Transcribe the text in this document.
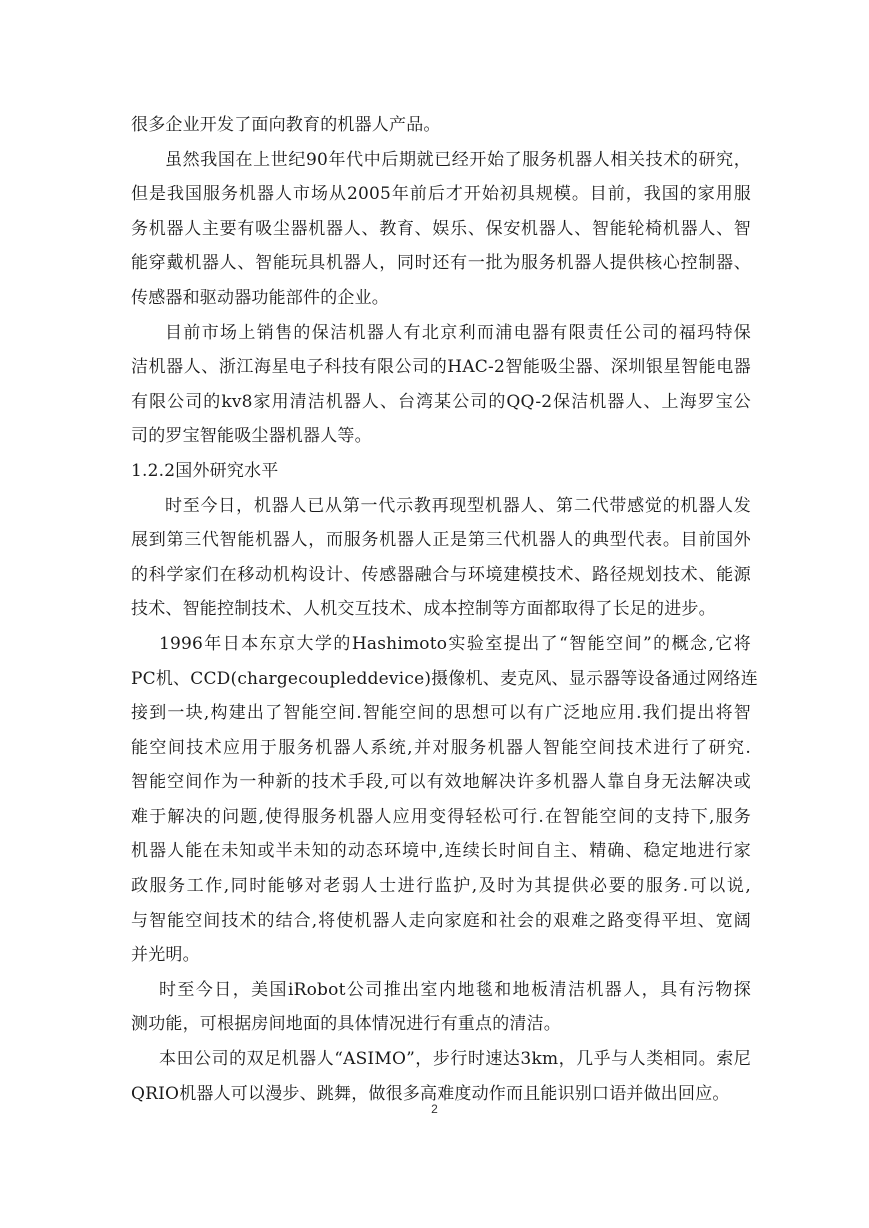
很多企业开发了面向教育的机器人产品。
虽然我国在上世纪90年代中后期就已经开始了服务机器人相关技术的研究，
但是我国服务机器人市场从2005年前后才开始初具规模。目前，我国的家用服
务机器人主要有吸尘器机器人、教育、娱乐、保安机器人、智能轮椅机器人、智
能穿戴机器人、智能玩具机器人，同时还有一批为服务机器人提供核心控制器、
传感器和驱动器功能部件的企业。
目前市场上销售的保洁机器人有北京利而浦电器有限责任公司的福玛特保
洁机器人、浙江海星电子科技有限公司的HAC-2智能吸尘器、深圳银星智能电器
有限公司的kv8家用清洁机器人、台湾某公司的QQ-2保洁机器人、上海罗宝公
司的罗宝智能吸尘器机器人等。
1.2.2国外研究水平
时至今日，机器人已从第一代示教再现型机器人、第二代带感觉的机器人发
展到第三代智能机器人，而服务机器人正是第三代机器人的典型代表。目前国外
的科学家们在移动机构设计、传感器融合与环境建模技术、路径规划技术、能源
技术、智能控制技术、人机交互技术、成本控制等方面都取得了长足的进步。
1996年日本东京大学的Hashimoto实验室提出了“智能空间”的概念,它将
PC机、CCD(chargecoupleddevice)摄像机、麦克风、显示器等设备通过网络连
接到一块,构建出了智能空间.智能空间的思想可以有广泛地应用.我们提出将智
能空间技术应用于服务机器人系统,并对服务机器人智能空间技术进行了研究.
智能空间作为一种新的技术手段,可以有效地解决许多机器人靠自身无法解决或
难于解决的问题,使得服务机器人应用变得轻松可行.在智能空间的支持下,服务
机器人能在未知或半未知的动态环境中,连续长时间自主、精确、稳定地进行家
政服务工作,同时能够对老弱人士进行监护,及时为其提供必要的服务.可以说,
与智能空间技术的结合,将使机器人走向家庭和社会的艰难之路变得平坦、宽阔
并光明。
时至今日，美国iRobot公司推出室内地毯和地板清洁机器人，具有污物探
测功能，可根据房间地面的具体情况进行有重点的清洁。
本田公司的双足机器人“ASIMO”，步行时速达3km，几乎与人类相同。索尼
QRIO机器人可以漫步、跳舞，做很多高难度动作而且能识别口语并做出回应。
2
